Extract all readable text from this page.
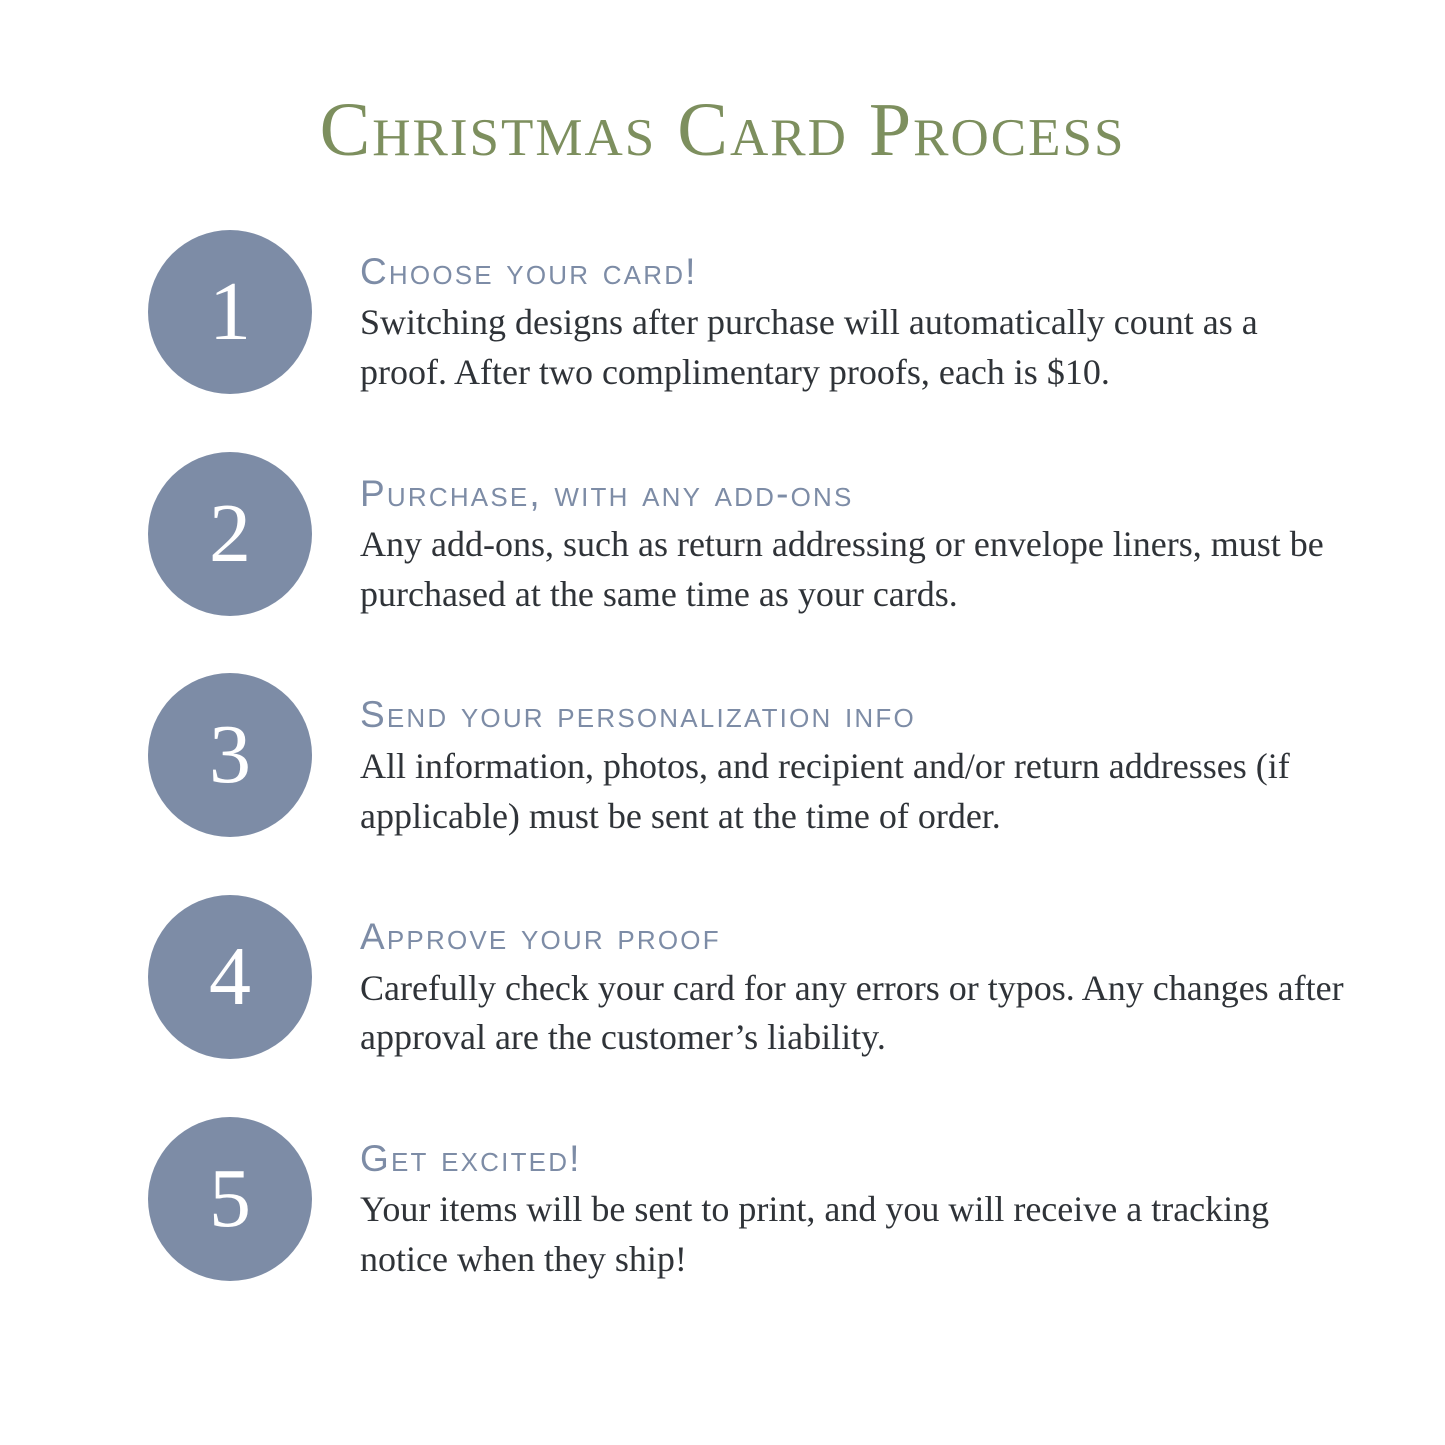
Christmas Card Process
1	choose your card!

Switching designs after purchase will automatically count as a proof. After two complimentary proofs, each is $10.

2	purchase, with any add-ons

Any add-ons, such as return addressing or envelope liners, must be purchased at the same time as your cards.

3	send your personalization info

All information, photos, and recipient and/or return addresses (if applicable) must be sent at the time of order.

4	approve your proof

Carefully check your card for any errors or typos. Any changes after approval are the customer’s liability.

5	get excited!

Your items will be sent to print, and you will receive a tracking notice when they ship!
